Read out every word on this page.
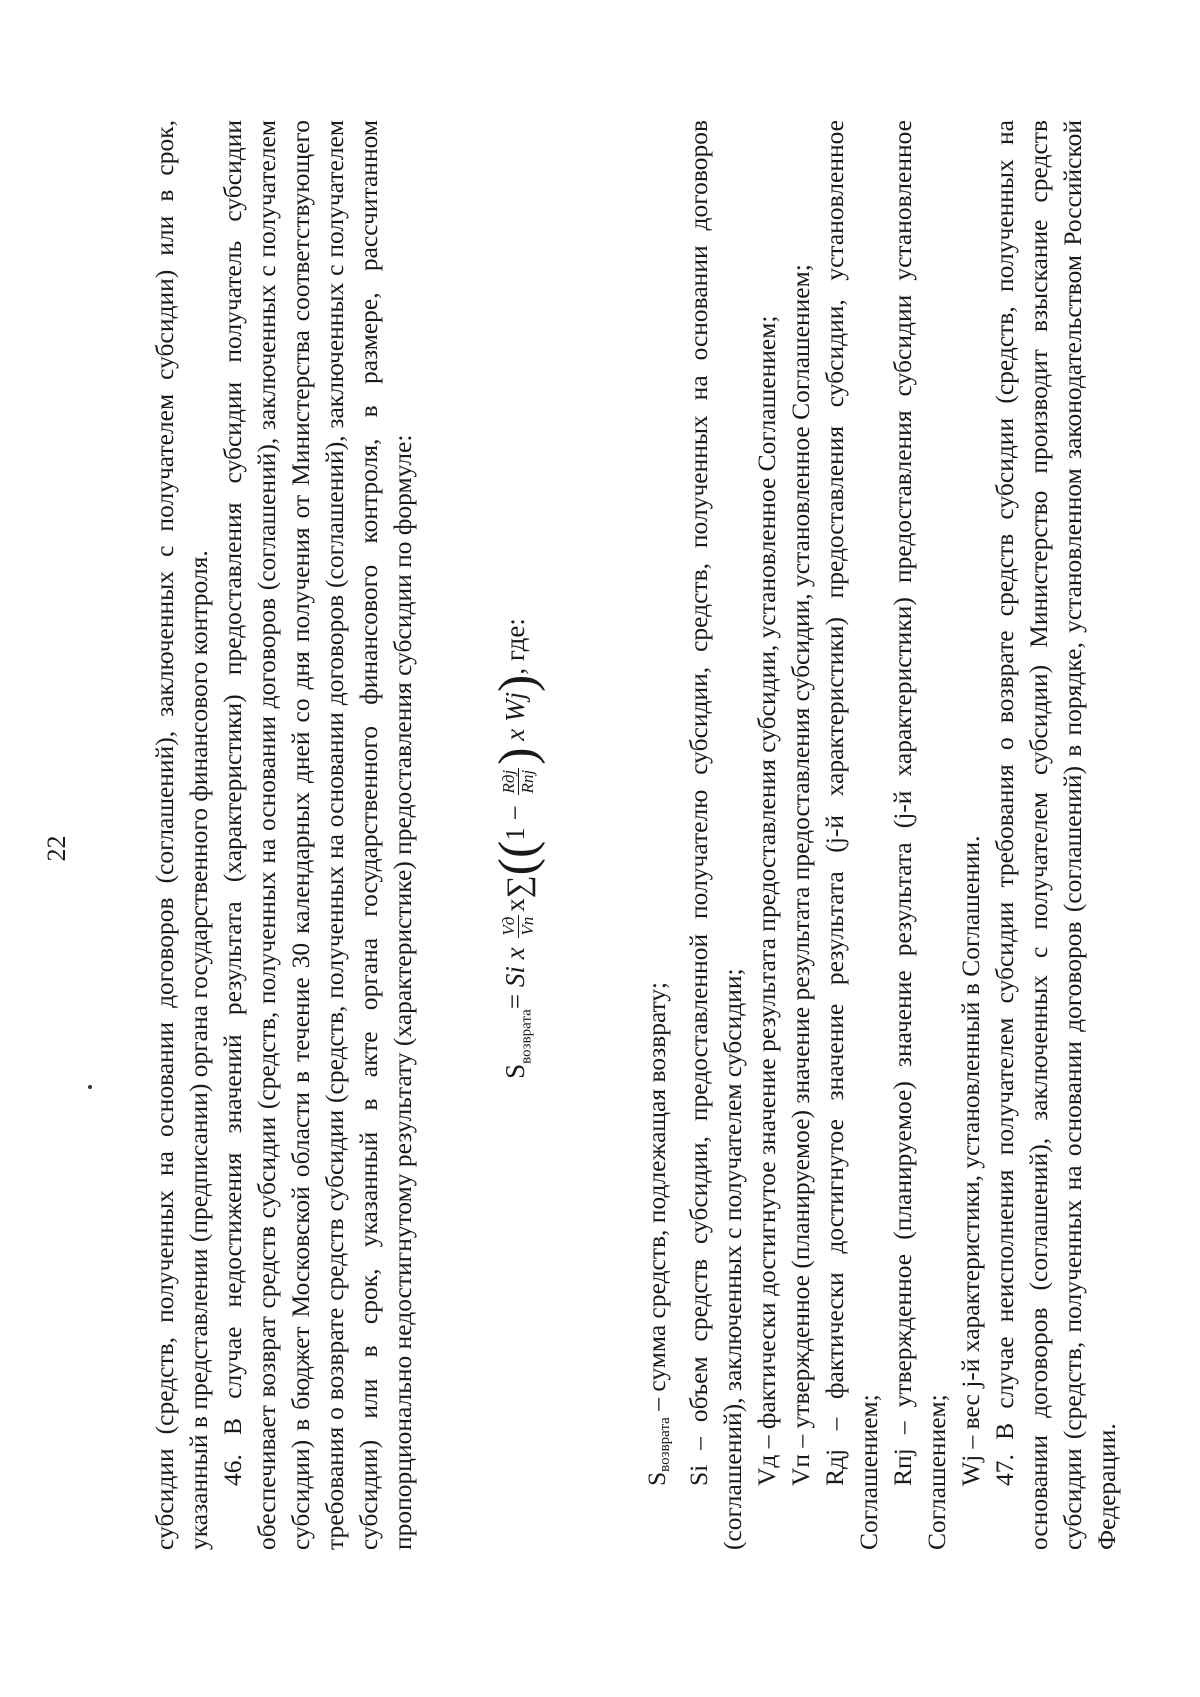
22	субсидии (средств, полученных на основании договоров (соглашений), заключенных с получателем субсидии) или в срок, указанный в представлении (предписании) органа государственного финансового контроля. 46. В случае недостижения значений результата (характеристики) предоставления субсидии получатель субсидии обеспечивает возврат средств субсидии (средств, полученных на основании договоров (соглашений), заключенных с получателем субсидии) в бюджет Московской области в течение 30 календарных дней со дня получения от Министерства соответствующего требования о возврате средств субсидии (средств, полученных на основании договоров (соглашений), заключенных с получателем субсидии) или в срок, указанный в акте органа государственного финансового контроля, в размере, рассчитанном пропорционально недостигнутому результату (характеристике) предоставления субсидии по формуле:	$S_{возврата}= Si$ x
Vд Vп
x∑((1 −
Rдj Rпj
) x Wj), где:

$S_{возврата}$ – сумма средств, подлежащая возврату; Si – объем средств субсидии, предоставленной получателю субсидии, средств, полученных на основании договоров (соглашений), заключенных с получателем субсидии; Vд – фактически достигнутое значение результата предоставления субсидии, установленное Соглашением; Vп – утвержденное (планируемое) значение результата предоставления субсидии, установленное Соглашением; Rдj – фактически достигнутое значение результата (j-й характеристики) предоставления субсидии, установленное Соглашением; Rпj – утвержденное (планируемое) значение результата (j-й характеристики) предоставления субсидии установленное Соглашением; Wj – вес j-й характеристики, установленный в Соглашении. 47. В случае неисполнения получателем субсидии требования о возврате средств субсидии (средств, полученных на основании договоров (соглашений), заключенных с получателем субсидии) Министерство производит взыскание средств субсидии (средств, полученных на основании договоров (соглашений) в порядке, установленном законодательством Российской Федерации.
